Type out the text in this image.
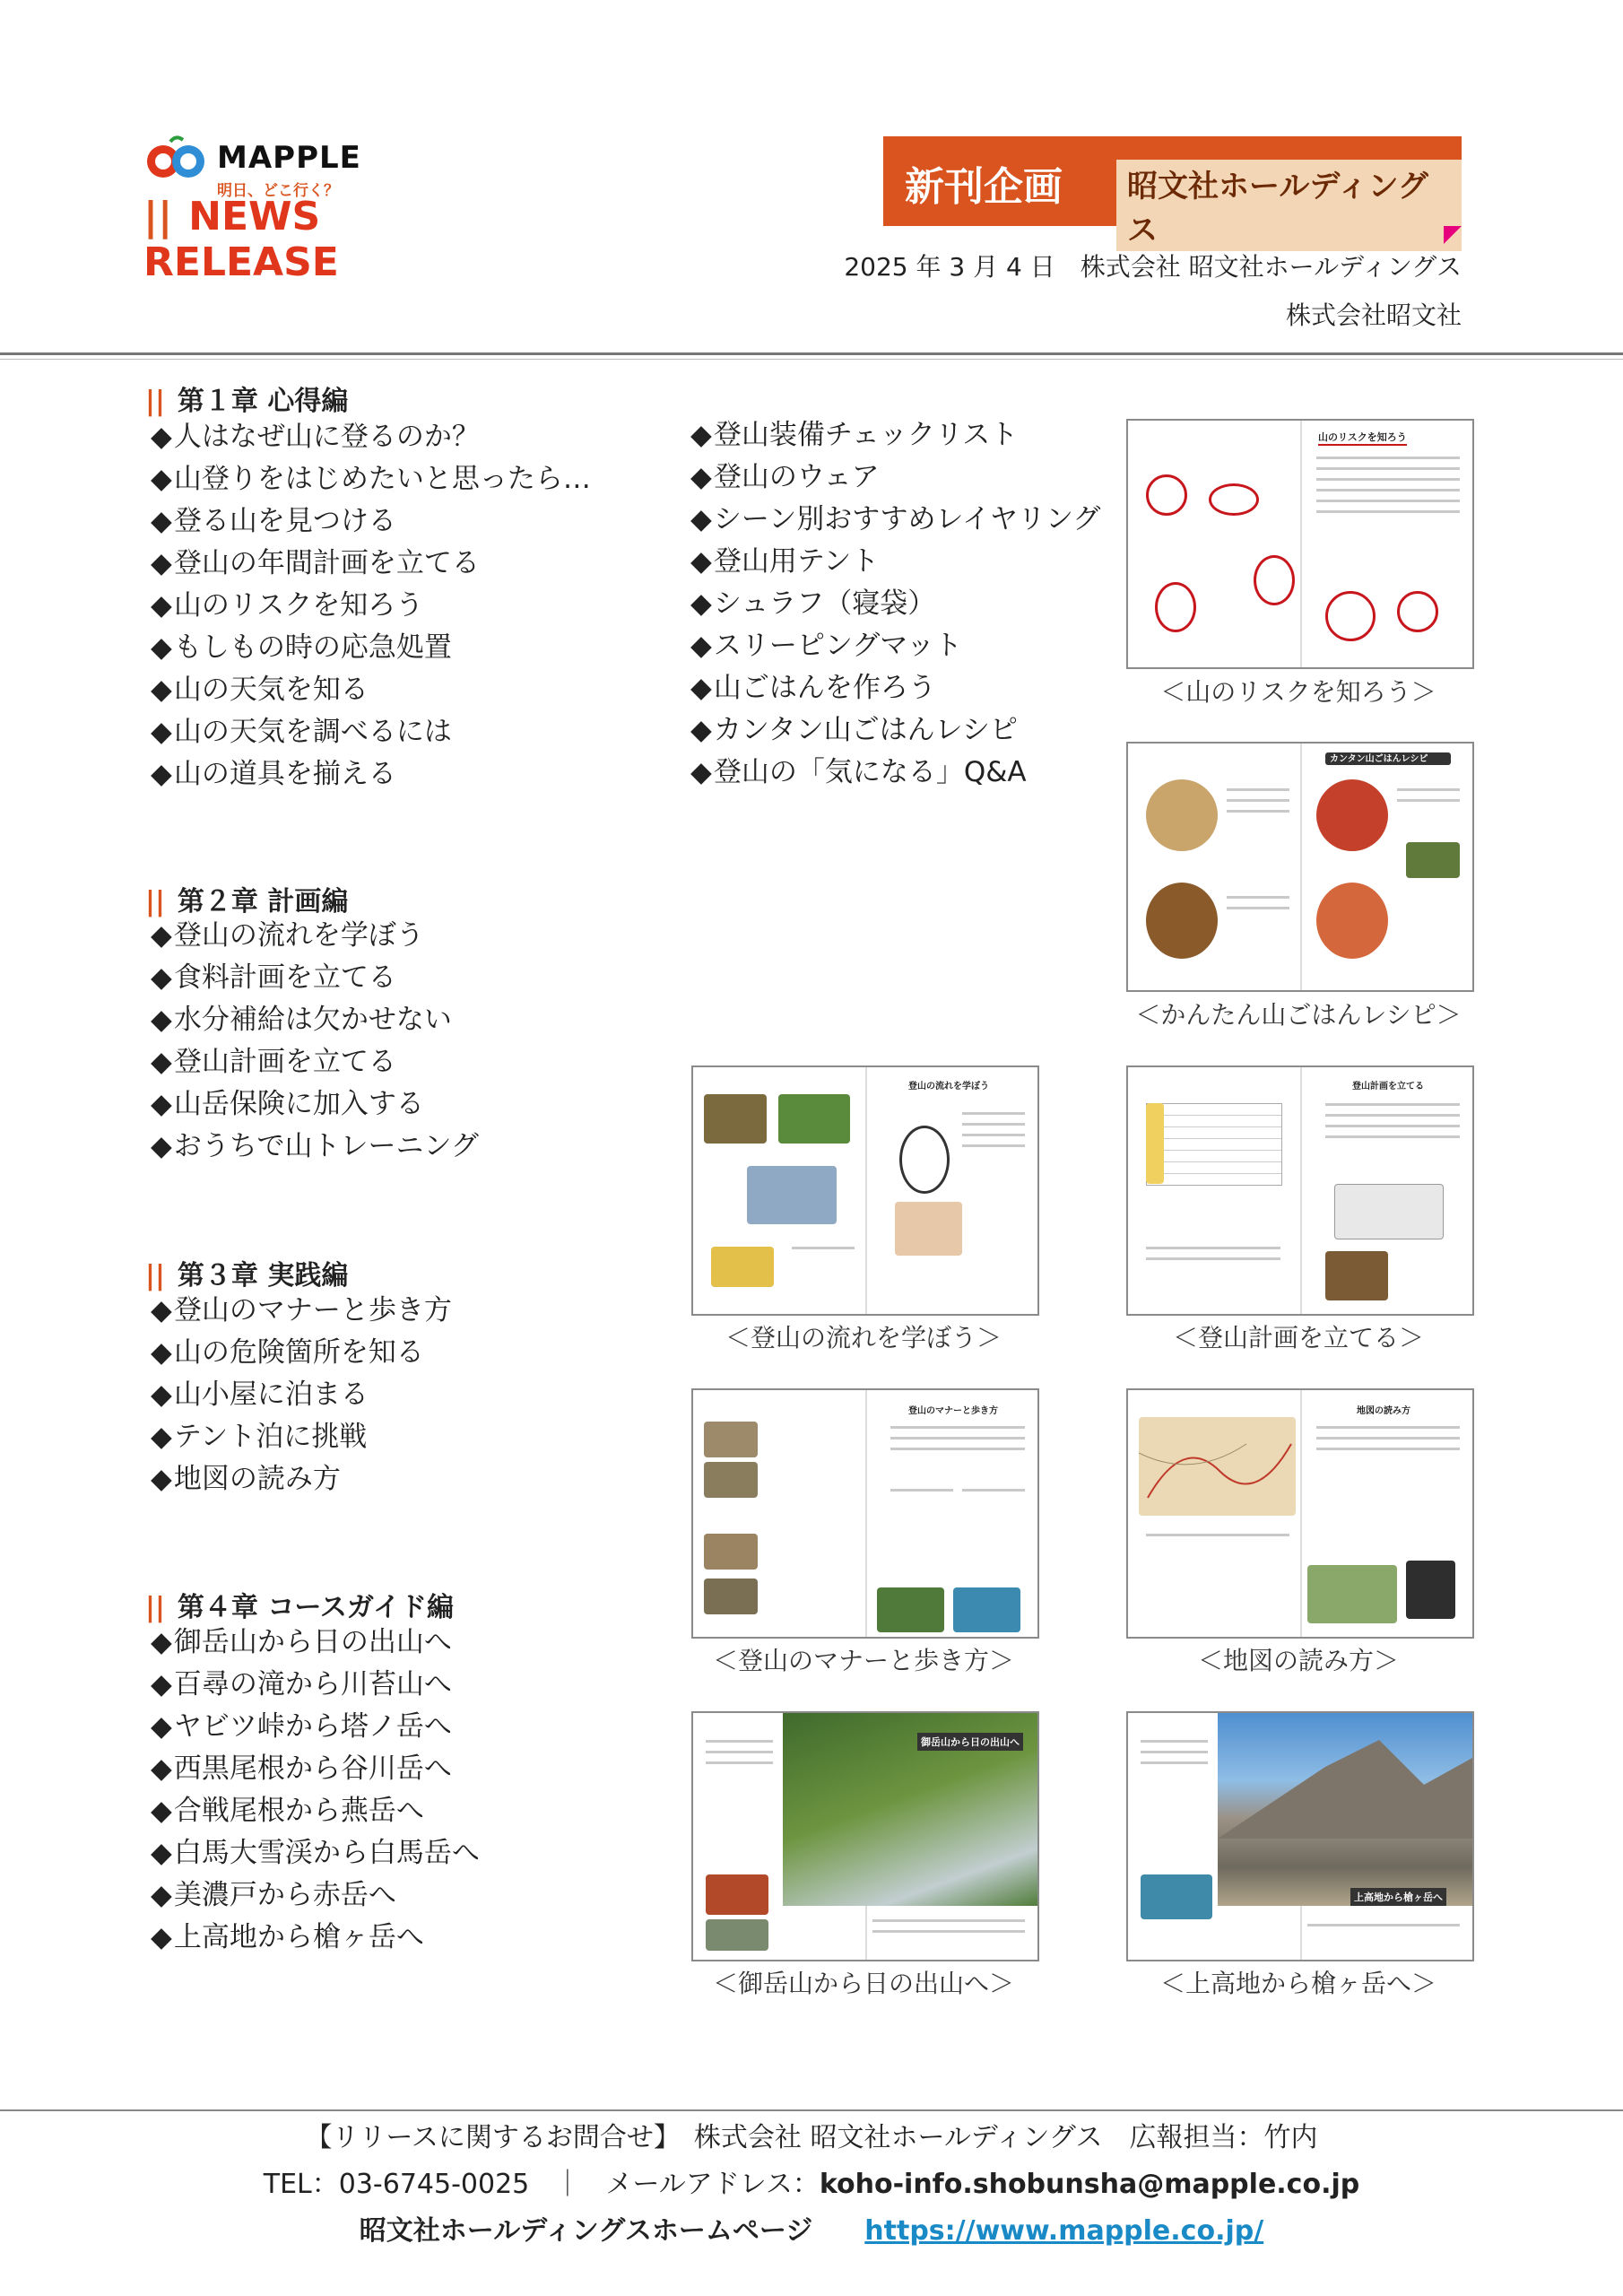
MAPPLE
明日、どこ行く？
|| NEWS RELEASE
新刊企画	昭文社ホールディングス
2025 年 3 月 4 日　株式会社 昭文社ホールディングス
株式会社昭文社
|| 第１章 心得編
◆ 人はなぜ山に登るのか？
◆ 山登りをはじめたいと思ったら…
◆ 登る山を見つける
◆ 登山の年間計画を立てる
◆ 山のリスクを知ろう
◆ もしもの時の応急処置
◆ 山の天気を知る
◆ 山の天気を調べるには
◆ 山の道具を揃える
◆ 登山装備チェックリスト
◆ 登山のウェア
◆ シーン別おすすめレイヤリング
◆ 登山用テント
◆ シュラフ（寝袋）
◆ スリーピングマット
◆ 山ごはんを作ろう
◆ カンタン山ごはんレシピ
◆ 登山の「気になる」Q&A
|| 第２章 計画編
◆ 登山の流れを学ぼう
◆ 食料計画を立てる
◆ 水分補給は欠かせない
◆ 登山計画を立てる
◆ 山岳保険に加入する
◆ おうちで山トレーニング
|| 第３章 実践編
◆ 登山のマナーと歩き方
◆ 山の危険箇所を知る
◆ 山小屋に泊まる
◆ テント泊に挑戦
◆ 地図の読み方
|| 第４章 コースガイド編
◆ 御岳山から日の出山へ
◆ 百尋の滝から川苔山へ
◆ ヤビツ峠から塔ノ岳へ
◆ 西黒尾根から谷川岳へ
◆ 合戦尾根から燕岳へ
◆ 白馬大雪渓から白馬岳へ
◆ 美濃戸から赤岳へ
◆ 上高地から槍ヶ岳へ
山のリスクを知ろう
＜山のリスクを知ろう＞
カンタン山ごはんレシピ
＜かんたん山ごはんレシピ＞
登山の流れを学ぼう
＜登山の流れを学ぼう＞
登山計画を立てる
＜登山計画を立てる＞
登山のマナーと歩き方
＜登山のマナーと歩き方＞
地図の読み方
＜地図の読み方＞
御岳山から日の出山へ
＜御岳山から日の出山へ＞
上高地から槍ヶ岳へ
＜上高地から槍ヶ岳へ＞
【リリースに関するお問合せ】　株式会社 昭文社ホールディングス　広報担当：竹内
TEL：03-6745-0025 ｜ メールアドレス：koho-info.shobunsha@mapple.co.jp
昭文社ホールディングスホームページ https://www.mapple.co.jp/
